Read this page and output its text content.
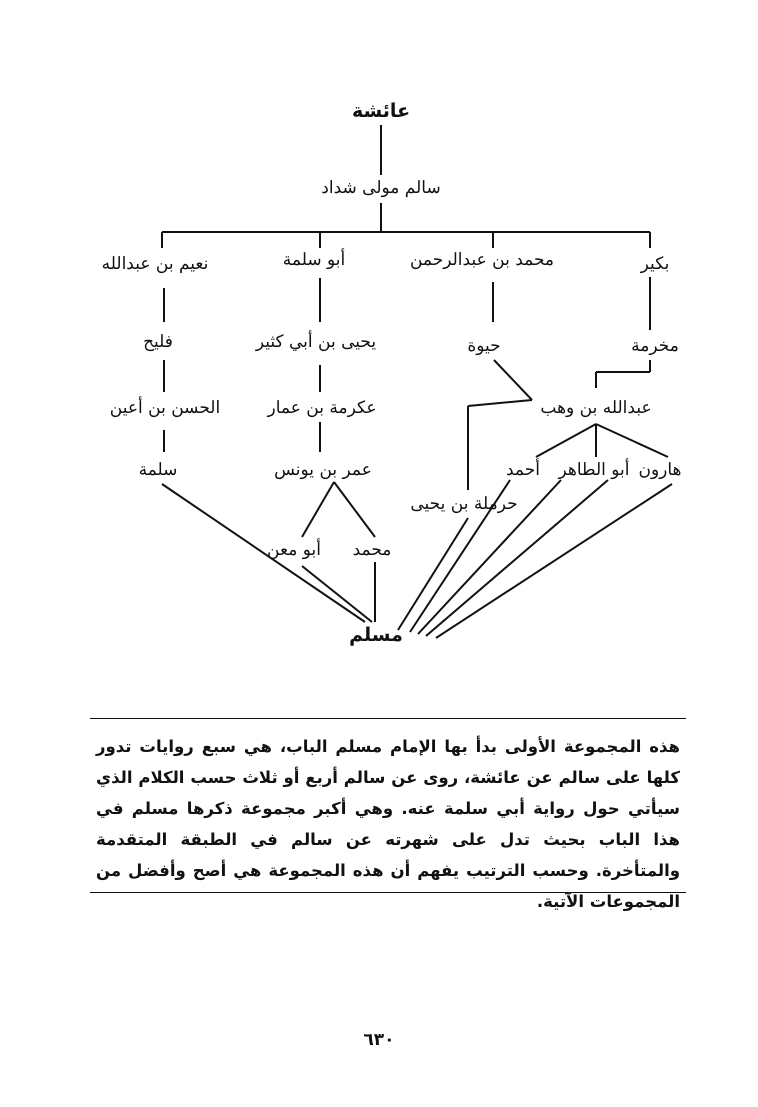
عائشة
سالم مولى شداد
بكير
محمد بن عبدالرحمن
أبو سلمة
نعيم بن عبدالله
مخرمة
حيوة
يحيى بن أبي كثير
فليح
عبدالله بن وهب
عكرمة بن عمار
الحسن بن أعين
هارون
أبو الطاهر
أحمد
عمر بن يونس
سلمة
حرملة بن يحيى
محمد
أبو معن
مسلم

هذه المجموعة الأولى بدأ بها الإمام مسلم الباب، هي سبع روايات تدور كلها على سالم عن عائشة، روى عن سالم أربع أو ثلاث حسب الكلام الذي سيأتي حول رواية أبي سلمة عنه. وهي أكبر مجموعة ذكرها مسلم في هذا الباب بحيث تدل على شهرته عن سالم في الطبقة المتقدمة والمتأخرة. وحسب الترتيب يفهم أن هذه المجموعة هي أصح وأفضل من المجموعات الآتية.

٦٣٠
